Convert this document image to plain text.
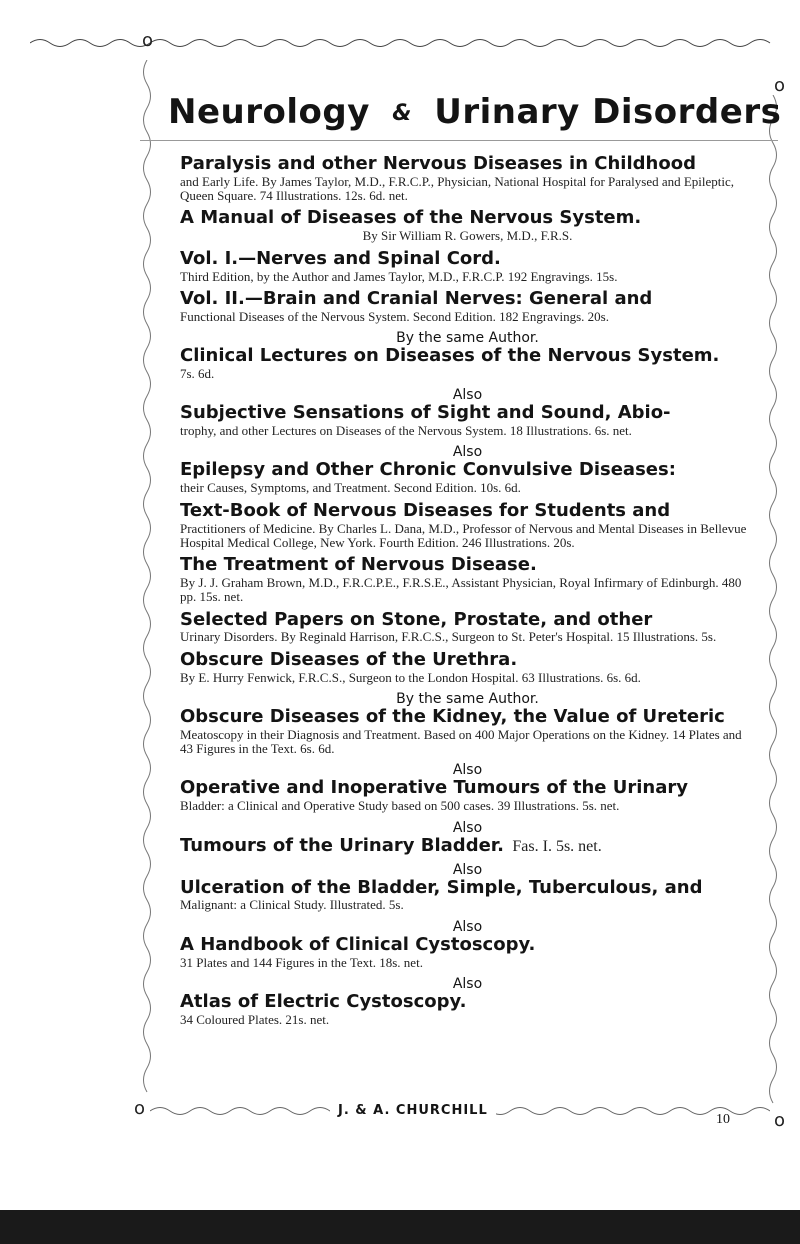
o
o
o
o
Neurology & Urinary Disorders
Paralysis and other Nervous Diseases in Childhood
and Early Life. By James Taylor, M.D., F.R.C.P., Physician, National Hospital for Paralysed and Epileptic, Queen Square. 74 Illustrations. 12s. 6d. net.
A Manual of Diseases of the Nervous System.
By Sir William R. Gowers, M.D., F.R.S.
Vol. I.—Nerves and Spinal Cord.
Third Edition, by the Author and James Taylor, M.D., F.R.C.P. 192 Engravings. 15s.
Vol. II.—Brain and Cranial Nerves: General and
Functional Diseases of the Nervous System. Second Edition. 182 Engravings. 20s.
By the same Author.
Clinical Lectures on Diseases of the Nervous System.
7s. 6d.
Also
Subjective Sensations of Sight and Sound, Abio-
trophy, and other Lectures on Diseases of the Nervous System. 18 Illustrations. 6s. net.
Also
Epilepsy and Other Chronic Convulsive Diseases:
their Causes, Symptoms, and Treatment. Second Edition. 10s. 6d.
Text-Book of Nervous Diseases for Students and
Practitioners of Medicine. By Charles L. Dana, M.D., Professor of Nervous and Mental Diseases in Bellevue Hospital Medical College, New York. Fourth Edition. 246 Illustrations. 20s.
The Treatment of Nervous Disease.
By J. J. Graham Brown, M.D., F.R.C.P.E., F.R.S.E., Assistant Physician, Royal Infirmary of Edinburgh. 480 pp. 15s. net.
Selected Papers on Stone, Prostate, and other
Urinary Disorders. By Reginald Harrison, F.R.C.S., Surgeon to St. Peter's Hospital. 15 Illustrations. 5s.
Obscure Diseases of the Urethra.
By E. Hurry Fenwick, F.R.C.S., Surgeon to the London Hospital. 63 Illustrations. 6s. 6d.
By the same Author.
Obscure Diseases of the Kidney, the Value of Ureteric
Meatoscopy in their Diagnosis and Treatment. Based on 400 Major Operations on the Kidney. 14 Plates and 43 Figures in the Text. 6s. 6d.
Also
Operative and Inoperative Tumours of the Urinary
Bladder: a Clinical and Operative Study based on 500 cases. 39 Illustrations. 5s. net.
Also
Tumours of the Urinary Bladder. Fas. I. 5s. net.
Also
Ulceration of the Bladder, Simple, Tuberculous, and
Malignant: a Clinical Study. Illustrated. 5s.
Also
A Handbook of Clinical Cystoscopy.
31 Plates and 144 Figures in the Text. 18s. net.
Also
Atlas of Electric Cystoscopy.
34 Coloured Plates. 21s. net.
J. & A. CHURCHILL
10
